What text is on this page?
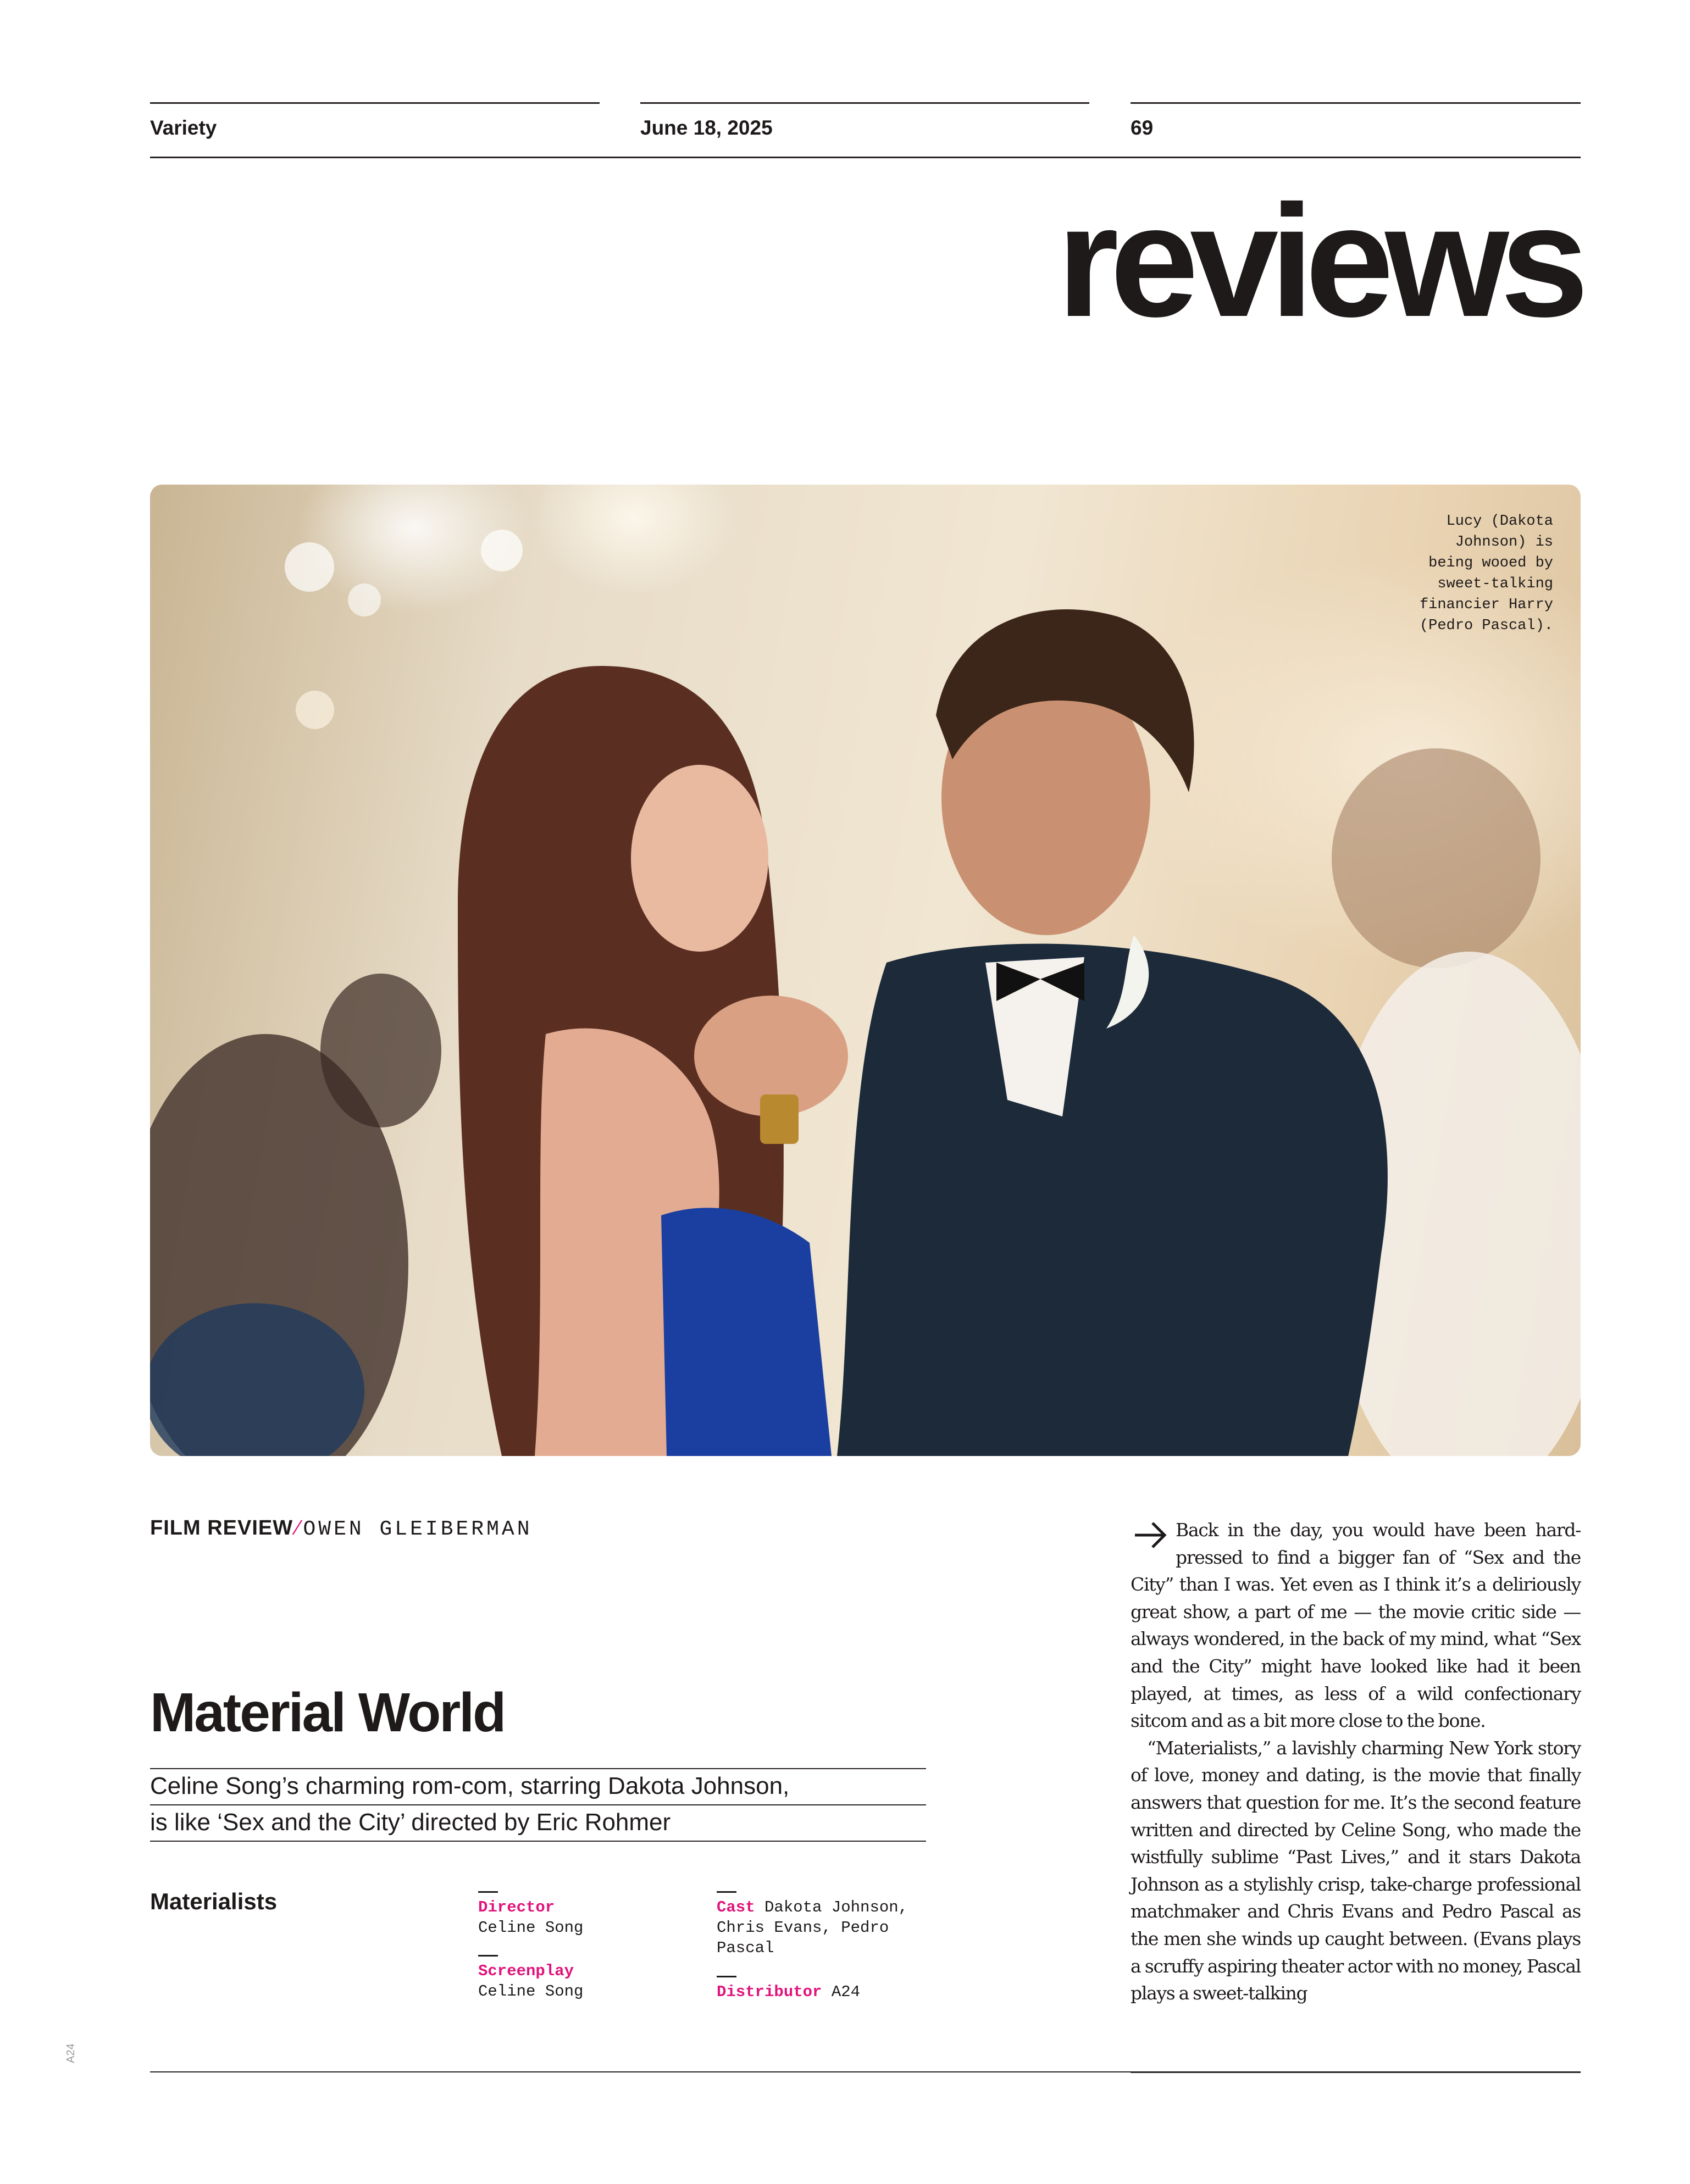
Variety	June 18, 2025	69
reviews
Lucy (Dakota Johnson) is being wooed by sweet-talking financier Harry (Pedro Pascal).
FILM REVIEW ⁄ OWEN GLEIBERMAN
Material World
Celine Song’s charming rom-com, starring Dakota Johnson,
is like ‘Sex and the City’ directed by Eric Rohmer
Materialists	Director
Celine Song
Screenplay
Celine Song
Cast Dakota Johnson, Chris Evans, Pedro Pascal
Distributor A24

Back in the day, you would have been hard-pressed to find a bigger fan of “Sex and the City” than I was. Yet even as I think it’s a deliriously great show, a part of me — the movie critic side — always wondered, in the back of my mind, what “Sex and the City” might have looked like had it been played, at times, as less of a wild confectionary sitcom and as a bit more close to the bone.

“Materialists,” a lavishly charming New York story of love, money and dating, is the movie that finally answers that question for me. It’s the second feature written and directed by Celine Song, who made the wistfully sublime “Past Lives,” and it stars Dakota Johnson as a stylishly crisp, take-charge professional matchmaker and Chris Evans and Pedro Pascal as the men she winds up caught between. (Evans plays a scruffy aspiring theater actor with no money, Pascal plays a sweet-talking

A24
